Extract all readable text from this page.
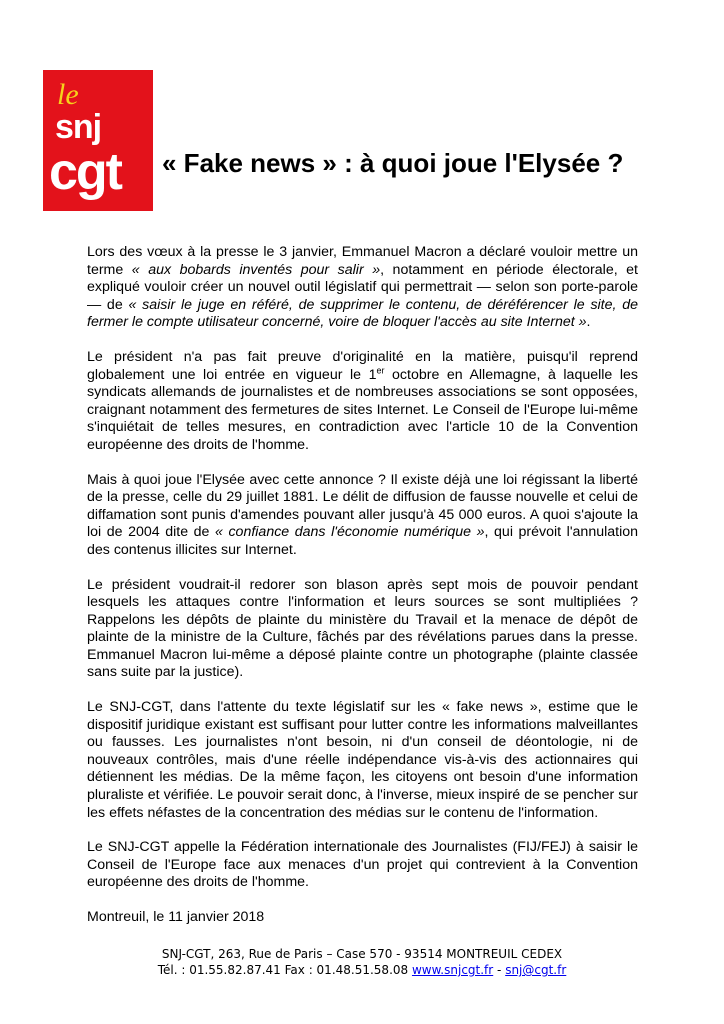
le
snj
cgt « Fake news » : à quoi joue l'Elysée ?

Lors des vœux à la presse le 3 janvier, Emmanuel Macron a déclaré vouloir mettre un terme « aux bobards inventés pour salir », notamment en période électorale, et expliqué vouloir créer un nouvel outil législatif qui permettrait — selon son porte-parole — de « saisir le juge en référé, de supprimer le contenu, de déréférencer le site, de fermer le compte utilisateur concerné, voire de bloquer l'accès au site Internet ».

Le président n'a pas fait preuve d'originalité en la matière, puisqu'il reprend globalement une loi entrée en vigueur le 1er octobre en Allemagne, à laquelle les syndicats allemands de journalistes et de nombreuses associations se sont opposées, craignant notamment des fermetures de sites Internet. Le Conseil de l'Europe lui-même s'inquiétait de telles mesures, en contradiction avec l'article 10 de la Convention européenne des droits de l'homme.

Mais à quoi joue l'Elysée avec cette annonce ? Il existe déjà une loi régissant la liberté de la presse, celle du 29 juillet 1881. Le délit de diffusion de fausse nouvelle et celui de diffamation sont punis d'amendes pouvant aller jusqu'à 45 000 euros. A quoi s'ajoute la loi de 2004 dite de « confiance dans l'économie numérique », qui prévoit l'annulation des contenus illicites sur Internet.

Le président voudrait-il redorer son blason après sept mois de pouvoir pendant lesquels les attaques contre l'information et leurs sources se sont multipliées ? Rappelons les dépôts de plainte du ministère du Travail et la menace de dépôt de plainte de la ministre de la Culture, fâchés par des révélations parues dans la presse. Emmanuel Macron lui-même a déposé plainte contre un photographe (plainte classée sans suite par la justice).

Le SNJ-CGT, dans l'attente du texte législatif sur les « fake news », estime que le dispositif juridique existant est suffisant pour lutter contre les informations malveillantes ou fausses. Les journalistes n'ont besoin, ni d'un conseil de déontologie, ni de nouveaux contrôles, mais d'une réelle indépendance vis-à-vis des actionnaires qui détiennent les médias. De la même façon, les citoyens ont besoin d'une information pluraliste et vérifiée. Le pouvoir serait donc, à l'inverse, mieux inspiré de se pencher sur les effets néfastes de la concentration des médias sur le contenu de l'information.

Le SNJ-CGT appelle la Fédération internationale des Journalistes (FIJ/FEJ) à saisir le Conseil de l'Europe face aux menaces d'un projet qui contrevient à la Convention européenne des droits de l'homme.

Montreuil, le 11 janvier 2018

SNJ-CGT, 263, Rue de Paris – Case 570 - 93514 MONTREUIL CEDEX
Tél. : 01.55.82.87.41 Fax : 01.48.51.58.08 www.snjcgt.fr - snj@cgt.fr
